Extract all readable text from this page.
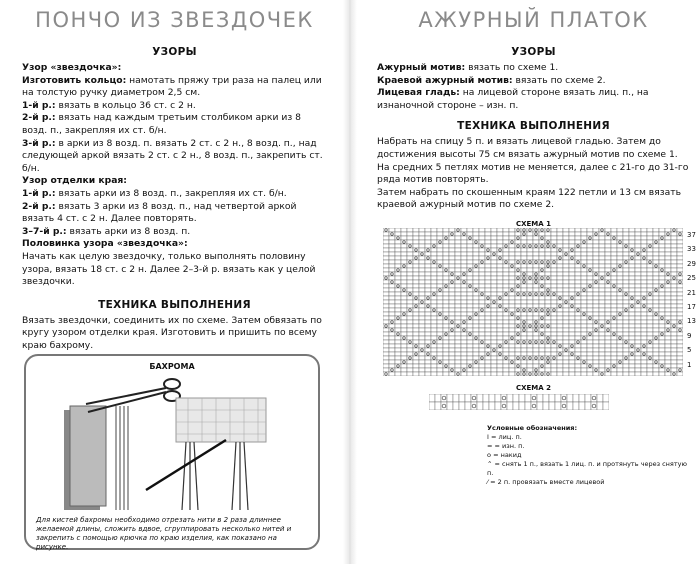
ПОНЧО ИЗ ЗВЕЗДОЧЕК
УЗОРЫ

Узор «звездочка»:

Изготовить кольцо: намотать пряжу три раза на палец или на толстую ручку диаметром 2,5 см.

1-й р.: вязать в кольцо 36 ст. с 2 н.

2-й р.: вязать над каждым третьим столбиком арки из 8 возд. п., закрепляя их ст. б/н.

3-й р.: в арки из 8 возд. п. вязать 2 ст. с 2 н., 8 возд. п., над следующей аркой вязать 2 ст. с 2 н., 8 возд. п., закрепить ст. б/н.

Узор отделки края:

1-й р.: вязать арки из 8 возд. п., закрепляя их ст. б/н.

2-й р.: вязать 3 арки из 8 возд. п., над четвертой аркой вязать 4 ст. с 2 н. Далее повторять.

3–7-й р.: вязать арки из 8 возд. п.

Половинка узора «звездочка»:

Начать как целую звездочку, только выполнять половину узора, вязать 18 ст. с 2 н. Далее 2–3-й р. вязать как у целой звездочки.

ТЕХНИКА ВЫПОЛНЕНИЯ

Вязать звездочки, соединить их по схеме. Затем обвязать по кругу узором отделки края. Изготовить и пришить по всему краю бахрому.

БАХРОМА
Для кистей бахромы необходимо отрезать нити в 2 раза длиннее желаемой длины, сложить вдвое, сгруппировать несколько нитей и закрепить с помощью крючка по краю изделия, как показано на рисунке.
АЖУРНЫЙ ПЛАТОК
УЗОРЫ

Ажурный мотив: вязать по схеме 1.

Краевой ажурный мотив: вязать по схеме 2.

Лицевая гладь: на лицевой стороне вязать лиц. п., на изнаночной стороне – изн. п.

ТЕХНИКА ВЫПОЛНЕНИЯ

Набрать на спицу 5 п. и вязать лицевой гладью. Затем до достижения высоты 75 см вязать ажурный мотив по схеме 1. На средних 5 петлях мотив не меняется, далее с 21-го до 31-го ряда мотив повторять.

Затем набрать по скошенным краям 122 петли и 13 см вязать краевой ажурный мотив по схеме 2.

СХЕМА 1
37
33
29
25
21
17
13
9
5
1
СХЕМА 2
Условные обозначения:
I = лиц. п.
= = изн. п.
o = накид
⌃ = снять 1 п., вязать 1 лиц. п. и протянуть через снятую п.
⁄ = 2 п. провязать вместе лицевой
